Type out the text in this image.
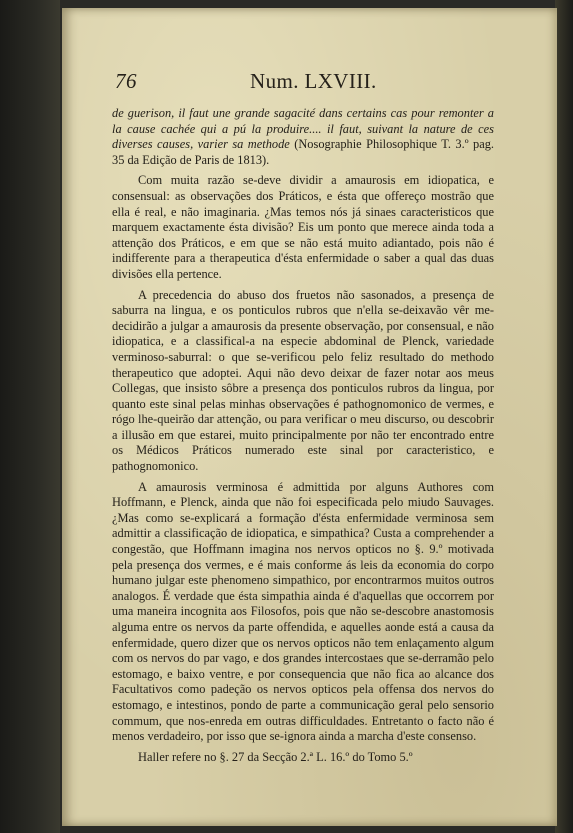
76	Num. LXVIII.

de guerison, il faut une grande sagacité dans certains cas pour remonter a la cause cachée qui a pú la produire.... il faut, suivant la nature de ces diverses causes, varier sa methode (Nosographie Philosophique T. 3.º pag. 35 da Edição de Paris de 1813).

Com muita razão se-deve dividir a amaurosis em idiopatica, e consensual: as observações dos Práticos, e ésta que offereço mostrão que ella é real, e não imaginaria. ¿Mas temos nós já sinaes caracteristicos que marquem exactamente ésta divisão? Eis um ponto que merece ainda toda a attenção dos Práticos, e em que se não está muito adiantado, pois não é indifferente para a therapeutica d'ésta enfermidade o saber a qual das duas divisões ella pertence.

A precedencia do abuso dos fruetos não sasonados, a presença de saburra na lingua, e os ponticulos rubros que n'ella se-deixavão vêr me-decidirão a julgar a amaurosis da presente observação, por consensual, e não idiopatica, e a classifical-a na especie abdominal de Plenck, variedade verminoso-saburral: o que se-verificou pelo feliz resultado do methodo therapeutico que adoptei. Aqui não devo deixar de fazer notar aos meus Collegas, que insisto sôbre a presença dos ponticulos rubros da lingua, por quanto este sinal pelas minhas observações é pathognomonico de vermes, e rógo lhe-queirão dar attenção, ou para verificar o meu discurso, ou descobrir a illusão em que estarei, muito principalmente por não ter encontrado entre os Médicos Práticos numerado este sinal por caracteristico, e pathognomonico.

A amaurosis verminosa é admittida por alguns Authores com Hoffmann, e Plenck, ainda que não foi especificada pelo miudo Sauvages. ¿Mas como se-explicará a formação d'ésta enfermidade verminosa sem admittir a classificação de idiopatica, e simpathica? Custa a comprehender a congestão, que Hoffmann imagina nos nervos opticos no §. 9.º motivada pela presença dos vermes, e é mais conforme ás leis da economia do corpo humano julgar este phenomeno simpathico, por encontrarmos muitos outros analogos. É verdade que ésta simpathia ainda é d'aquellas que occorrem por uma maneira incognita aos Filosofos, pois que não se-descobre anastomosis alguma entre os nervos da parte offendida, e aquelles aonde está a causa da enfermidade, quero dizer que os nervos opticos não tem enlaçamento algum com os nervos do par vago, e dos grandes intercostaes que se-derramão pelo estomago, e baixo ventre, e por consequencia que não fica ao alcance dos Facultativos como padeção os nervos opticos pela offensa dos nervos do estomago, e intestinos, pondo de parte a communicação geral pelo sensorio commum, que nos-enreda em outras difficuldades. Entretanto o facto não é menos verdadeiro, por isso que se-ignora ainda a marcha d'este consenso.

Haller refere no §. 27 da Secção 2.ª L. 16.º do Tomo 5.º
